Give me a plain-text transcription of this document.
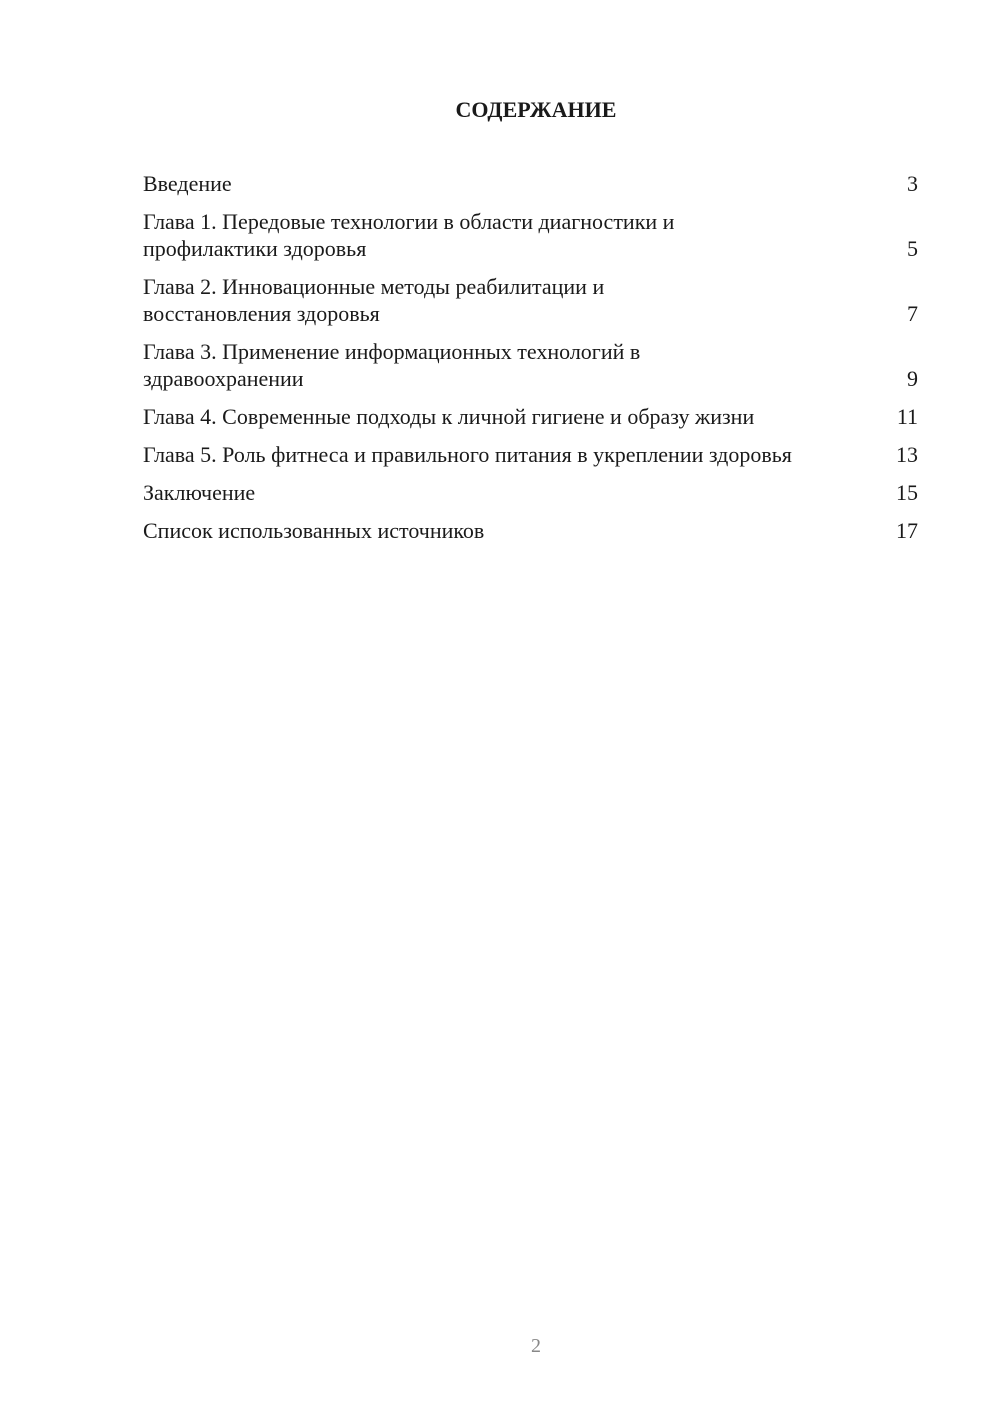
СОДЕРЖАНИЕ
Введение	3
Глава 1. Передовые технологии в области диагностики и профилактики здоровья	5
Глава 2. Инновационные методы реабилитации и восстановления здоровья	7
Глава 3. Применение информационных технологий в здравоохранении	9
Глава 4. Современные подходы к личной гигиене и образу жизни	11
Глава 5. Роль фитнеса и правильного питания в укреплении здоровья	13
Заключение	15
Список использованных источников	17
2
